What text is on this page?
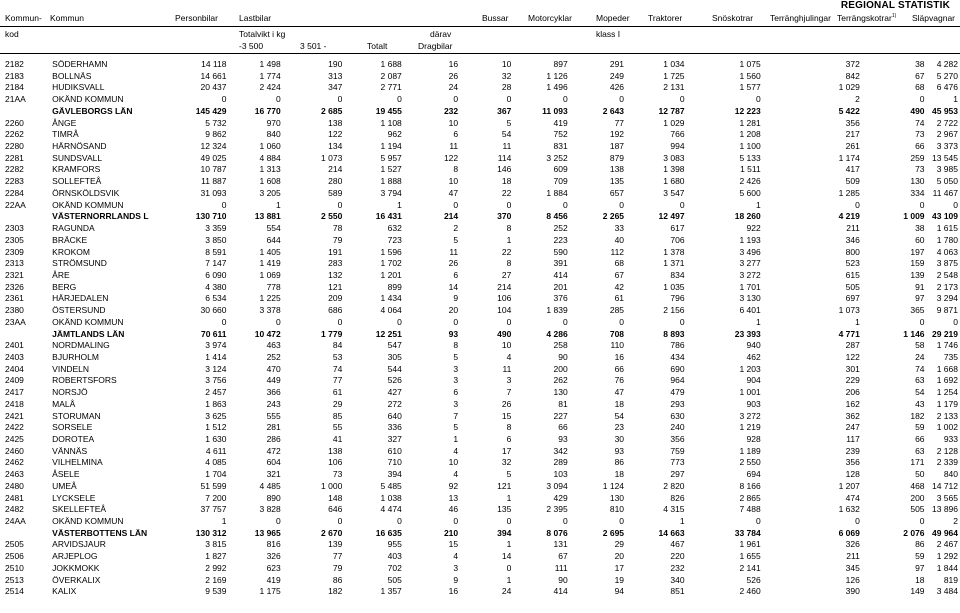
REGIONAL STATISTIK
Kommun- Kommun	Personbilar Lastbilar	Bussar Motorcyklar	Mopeder Traktorer	Snöskotrar Terränghjulingar Terrängskotrar$^{1)}$ Släpvagnar
kod	Totalvikt i kg	därav	klass I
-3 500	3 501 -	Totalt	Dragbilar
2182	SÖDERHAMN	14 118	1 498	190	1 688	16	10	897	291	1 034	1 075	372	38	4 282
2183	BOLLNÄS	14 661	1 774	313	2 087	26	32	1 126	249	1 725	1 560	842	67	5 270
2184	HUDIKSVALL	20 437	2 424	347	2 771	24	28	1 496	426	2 131	1 577	1 029	68	6 476
21AA	OKÄND KOMMUN	0	0	0	0	0	0	0	0	0	0	2	0	1
	GÄVLEBORGS LÄN	145 429	16 770	2 685	19 455	232	367	11 093	2 643	12 787	12 223	5 422	490	45 953
2260	ÅNGE	5 732	970	138	1 108	10	5	419	77	1 029	1 281	356	74	2 722
2262	TIMRÅ	9 862	840	122	962	6	54	752	192	766	1 208	217	73	2 967
2280	HÄRNÖSAND	12 324	1 060	134	1 194	11	11	831	187	994	1 100	261	66	3 373
2281	SUNDSVALL	49 025	4 884	1 073	5 957	122	114	3 252	879	3 083	5 133	1 174	259	13 545
2282	KRAMFORS	10 787	1 313	214	1 527	8	146	609	138	1 398	1 511	417	73	3 985
2283	SOLLEFTEÅ	11 887	1 608	280	1 888	10	18	709	135	1 680	2 426	509	130	5 050
2284	ÖRNSKÖLDSVIK	31 093	3 205	589	3 794	47	22	1 884	657	3 547	5 600	1 285	334	11 467
22AA	OKÄND KOMMUN	0	1	0	1	0	0	0	0	0	1	0	0	0
	VÄSTERNORRLANDS L	130 710	13 881	2 550	16 431	214	370	8 456	2 265	12 497	18 260	4 219	1 009	43 109
2303	RAGUNDA	3 359	554	78	632	2	8	252	33	617	922	211	38	1 615
2305	BRÄCKE	3 850	644	79	723	5	1	223	40	706	1 193	346	60	1 780
2309	KROKOM	8 591	1 405	191	1 596	11	22	590	112	1 378	3 496	800	197	4 063
2313	STRÖMSUND	7 147	1 419	283	1 702	26	8	391	68	1 371	3 277	523	159	3 875
2321	ÅRE	6 090	1 069	132	1 201	6	27	414	67	834	3 272	615	139	2 548
2326	BERG	4 380	778	121	899	14	214	201	42	1 035	1 701	505	91	2 173
2361	HÄRJEDALEN	6 534	1 225	209	1 434	9	106	376	61	796	3 130	697	97	3 294
2380	ÖSTERSUND	30 660	3 378	686	4 064	20	104	1 839	285	2 156	6 401	1 073	365	9 871
23AA	OKÄND KOMMUN	0	0	0	0	0	0	0	0	0	1	1	0	0
	JÄMTLANDS LÄN	70 611	10 472	1 779	12 251	93	490	4 286	708	8 893	23 393	4 771	1 146	29 219
2401	NORDMALING	3 974	463	84	547	8	10	258	110	786	940	287	58	1 746
2403	BJURHOLM	1 414	252	53	305	5	4	90	16	434	462	122	24	735
2404	VINDELN	3 124	470	74	544	3	11	200	66	690	1 203	301	74	1 668
2409	ROBERTSFORS	3 756	449	77	526	3	3	262	76	964	904	229	63	1 692
2417	NORSJÖ	2 457	366	61	427	6	7	130	47	479	1 001	206	54	1 254
2418	MALÅ	1 863	243	29	272	3	26	81	18	293	903	162	43	1 179
2421	STORUMAN	3 625	555	85	640	7	15	227	54	630	3 272	362	182	2 133
2422	SORSELE	1 512	281	55	336	5	8	66	23	240	1 219	247	59	1 002
2425	DOROTEA	1 630	286	41	327	1	6	93	30	356	928	117	66	933
2460	VÄNNÄS	4 611	472	138	610	4	17	342	93	759	1 189	239	63	2 128
2462	VILHELMINA	4 085	604	106	710	10	32	289	86	773	2 550	356	171	2 339
2463	ÅSELE	1 704	321	73	394	4	5	103	18	297	694	128	50	840
2480	UMEÅ	51 599	4 485	1 000	5 485	92	121	3 094	1 124	2 820	8 166	1 207	468	14 712
2481	LYCKSELE	7 200	890	148	1 038	13	1	429	130	826	2 865	474	200	3 565
2482	SKELLEFTEÅ	37 757	3 828	646	4 474	46	135	2 395	810	4 315	7 488	1 632	505	13 896
24AA	OKÄND KOMMUN	1	0	0	0	0	0	0	0	1	0	0	0	2
	VÄSTERBOTTENS LÄN	130 312	13 965	2 670	16 635	210	394	8 076	2 695	14 663	33 784	6 069	2 076	49 964
2505	ARVIDSJAUR	3 815	816	139	955	15	1	131	29	467	1 961	326	86	2 467
2506	ARJEPLOG	1 827	326	77	403	4	14	67	20	220	1 655	211	59	1 292
2510	JOKKMOKK	2 992	623	79	702	3	0	111	17	232	2 141	345	97	1 844
2513	ÖVERKALIX	2 169	419	86	505	9	1	90	19	340	526	126	18	819
2514	KALIX	9 539	1 175	182	1 357	16	24	414	94	851	2 460	390	149	3 484
